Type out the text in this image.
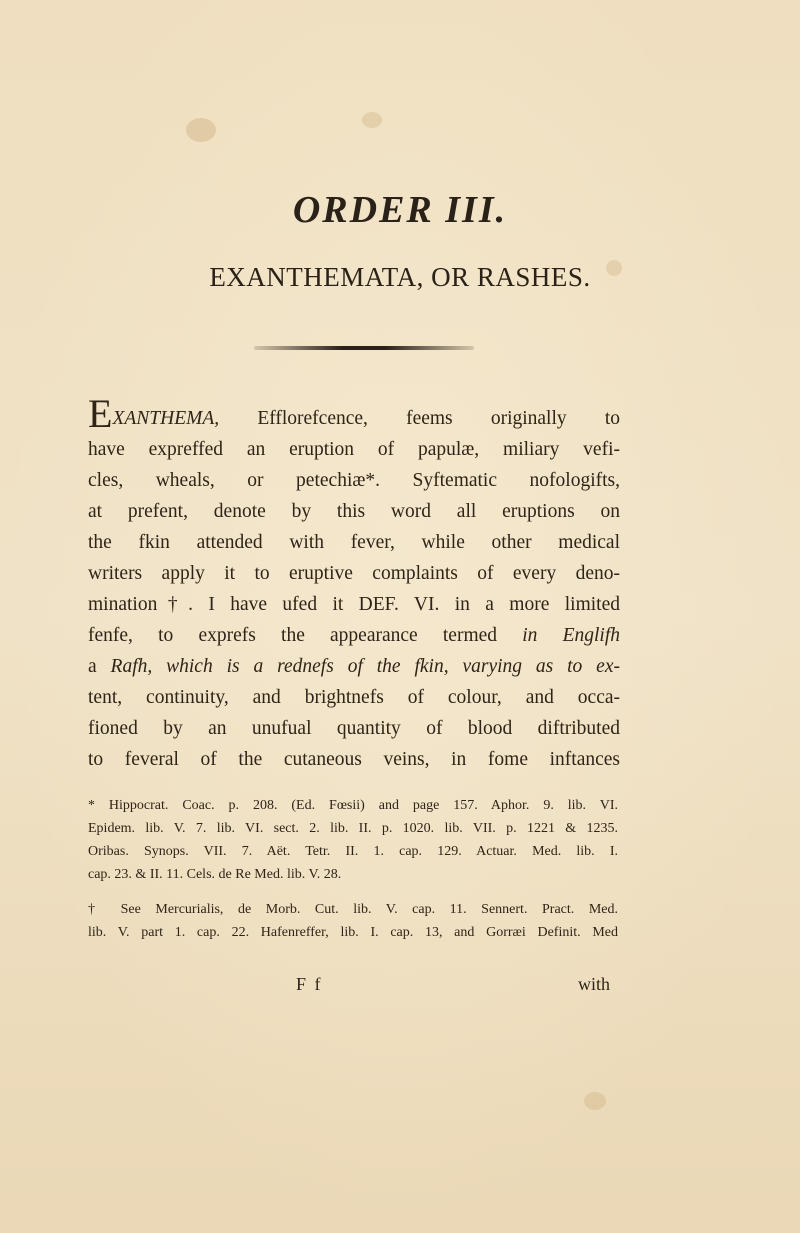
ORDER III.
EXANTHEMATA, OR RASHES.
EXANTHEMA, Efflorefcence, feems originally to
have expreffed an eruption of papulæ, miliary vefi-
cles, wheals, or petechiæ*. Syftematic nofologifts,
at prefent, denote by this word all eruptions on
the fkin attended with fever, while other medical
writers apply it to eruptive complaints of every deno-
mination†. I have ufed it DEF. VI. in a more limited
fenfe, to exprefs the appearance termed in Englifh
a Rafh, which is a rednefs of the fkin, varying as to ex-
tent, continuity, and brightnefs of colour, and occa-
fioned by an unufual quantity of blood diftributed
to feveral of the cutaneous veins, in fome inftances
* Hippocrat. Coac. p. 208. (Ed. Fœsii) and page 157. Aphor. 9. lib. VI.
Epidem. lib. V. 7. lib. VI. sect. 2. lib. II. p. 1020. lib. VII. p. 1221 & 1235.
Oribas. Synops. VII. 7. Aët. Tetr. II. 1. cap. 129. Actuar. Med. lib. I.
cap. 23. & II. 11. Cels. de Re Med. lib. V. 28.
† See Mercurialis, de Morb. Cut. lib. V. cap. 11. Sennert. Pract. Med.
lib. V. part 1. cap. 22. Hafenreffer, lib. I. cap. 13, and Gorræi Definit. Med
F f	with
